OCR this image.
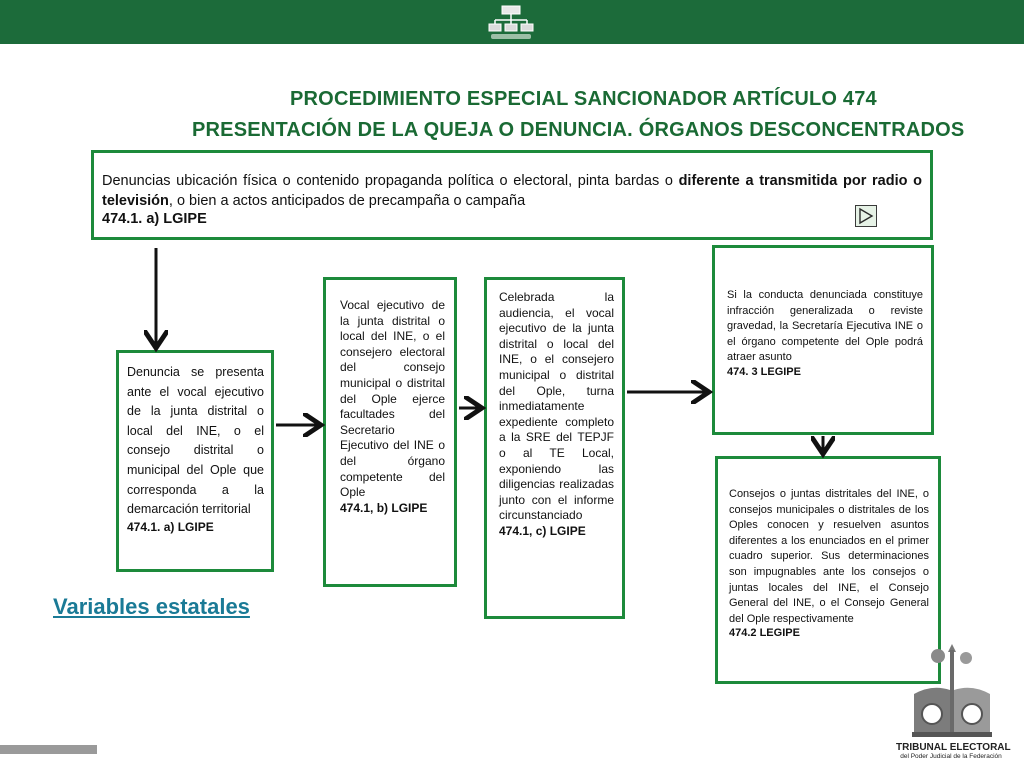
PROCEDIMIENTO ESPECIAL SANCIONADOR ARTÍCULO 474
PRESENTACIÓN DE LA QUEJA O DENUNCIA. ÓRGANOS DESCONCENTRADOS
Denuncias ubicación física o contenido propaganda política o electoral, pinta bardas o diferente a transmitida por radio o televisión, o bien a actos anticipados de precampaña o campaña
474.1. a) LGIPE
Denuncia se presenta ante el vocal ejecutivo de la junta distrital o local del INE, o el consejo distrital o municipal del Ople que corresponda a la demarcación territorial
474.1. a) LGIPE
Vocal ejecutivo de la junta distrital o local del INE, o el consejero electoral del consejo municipal o distrital del Ople ejerce facultades del Secretario Ejecutivo del INE o del órgano competente del Ople
474.1, b) LGIPE
Celebrada la audiencia, el vocal ejecutivo de la junta distrital o local del INE, o el consejero municipal o distrital del Ople, turna inmediatamente expediente completo a la SRE del TEPJF o al TE Local, exponiendo las diligencias realizadas junto con el informe circunstanciado
474.1, c) LGIPE
Si la conducta denunciada constituye infracción generalizada o reviste gravedad, la Secretaría Ejecutiva INE o el órgano competente del Ople podrá atraer asunto
474. 3 LEGIPE
Consejos o juntas distritales del INE, o consejos municipales o distritales de los Oples conocen y resuelven asuntos diferentes a los enunciados en el primer cuadro superior. Sus determinaciones son impugnables ante los consejos o juntas locales del INE, el Consejo General del INE, o el Consejo General del Ople respectivamente
474.2 LEGIPE
Variables estatales
TRIBUNAL ELECTORAL
del Poder Judicial de la Federación
